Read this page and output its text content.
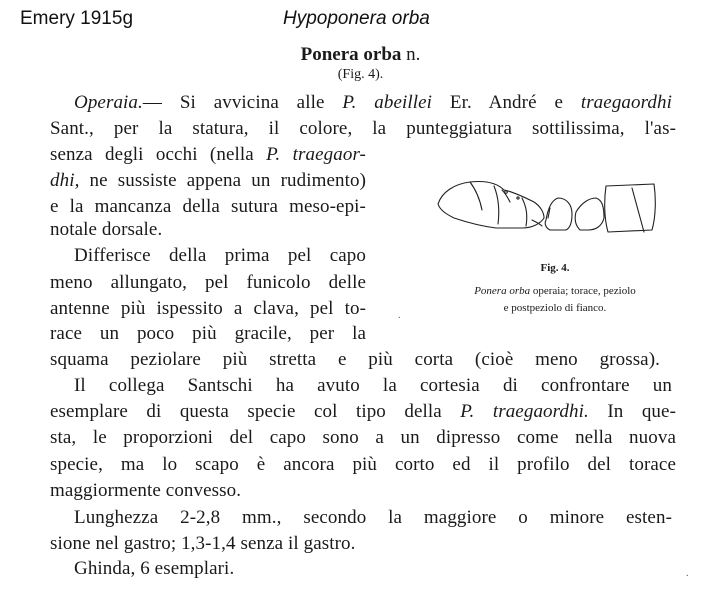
Emery 1915g	Hypoponera orba
Ponera orba n.
(Fig. 4).
Operaia.— Si avvicina alle P. abeillei Er. André e traegaordhi
Sant., per la statura, il colore, la punteggiatura sottilissima, l'as-
senza degli occhi (nella P. traegaor-
dhi, ne sussiste appena un rudimento)
e la mancanza della sutura meso-epi-
notale dorsale.
Differisce della prima pel capo
meno allungato, pel funicolo delle
antenne più ispessito a clava, pel to-
race un poco più gracile, per la
squama peziolare più stretta e più corta (cioè meno grossa).
Il collega Santschi ha avuto la cortesia di confrontare un
esemplare di questa specie col tipo della P. traegaordhi. In que-
sta, le proporzioni del capo sono a un dipresso come nella nuova
specie, ma lo scapo è ancora più corto ed il profilo del torace
maggiormente convesso.
Lunghezza 2-2,8 mm., secondo la maggiore o minore esten-
sione nel gastro; 1,3-1,4 senza il gastro.
Ghinda, 6 esemplari.
Fig. 4.
Ponera orba operaia; torace, peziolo
e postpeziolo di fianco.
.
.
